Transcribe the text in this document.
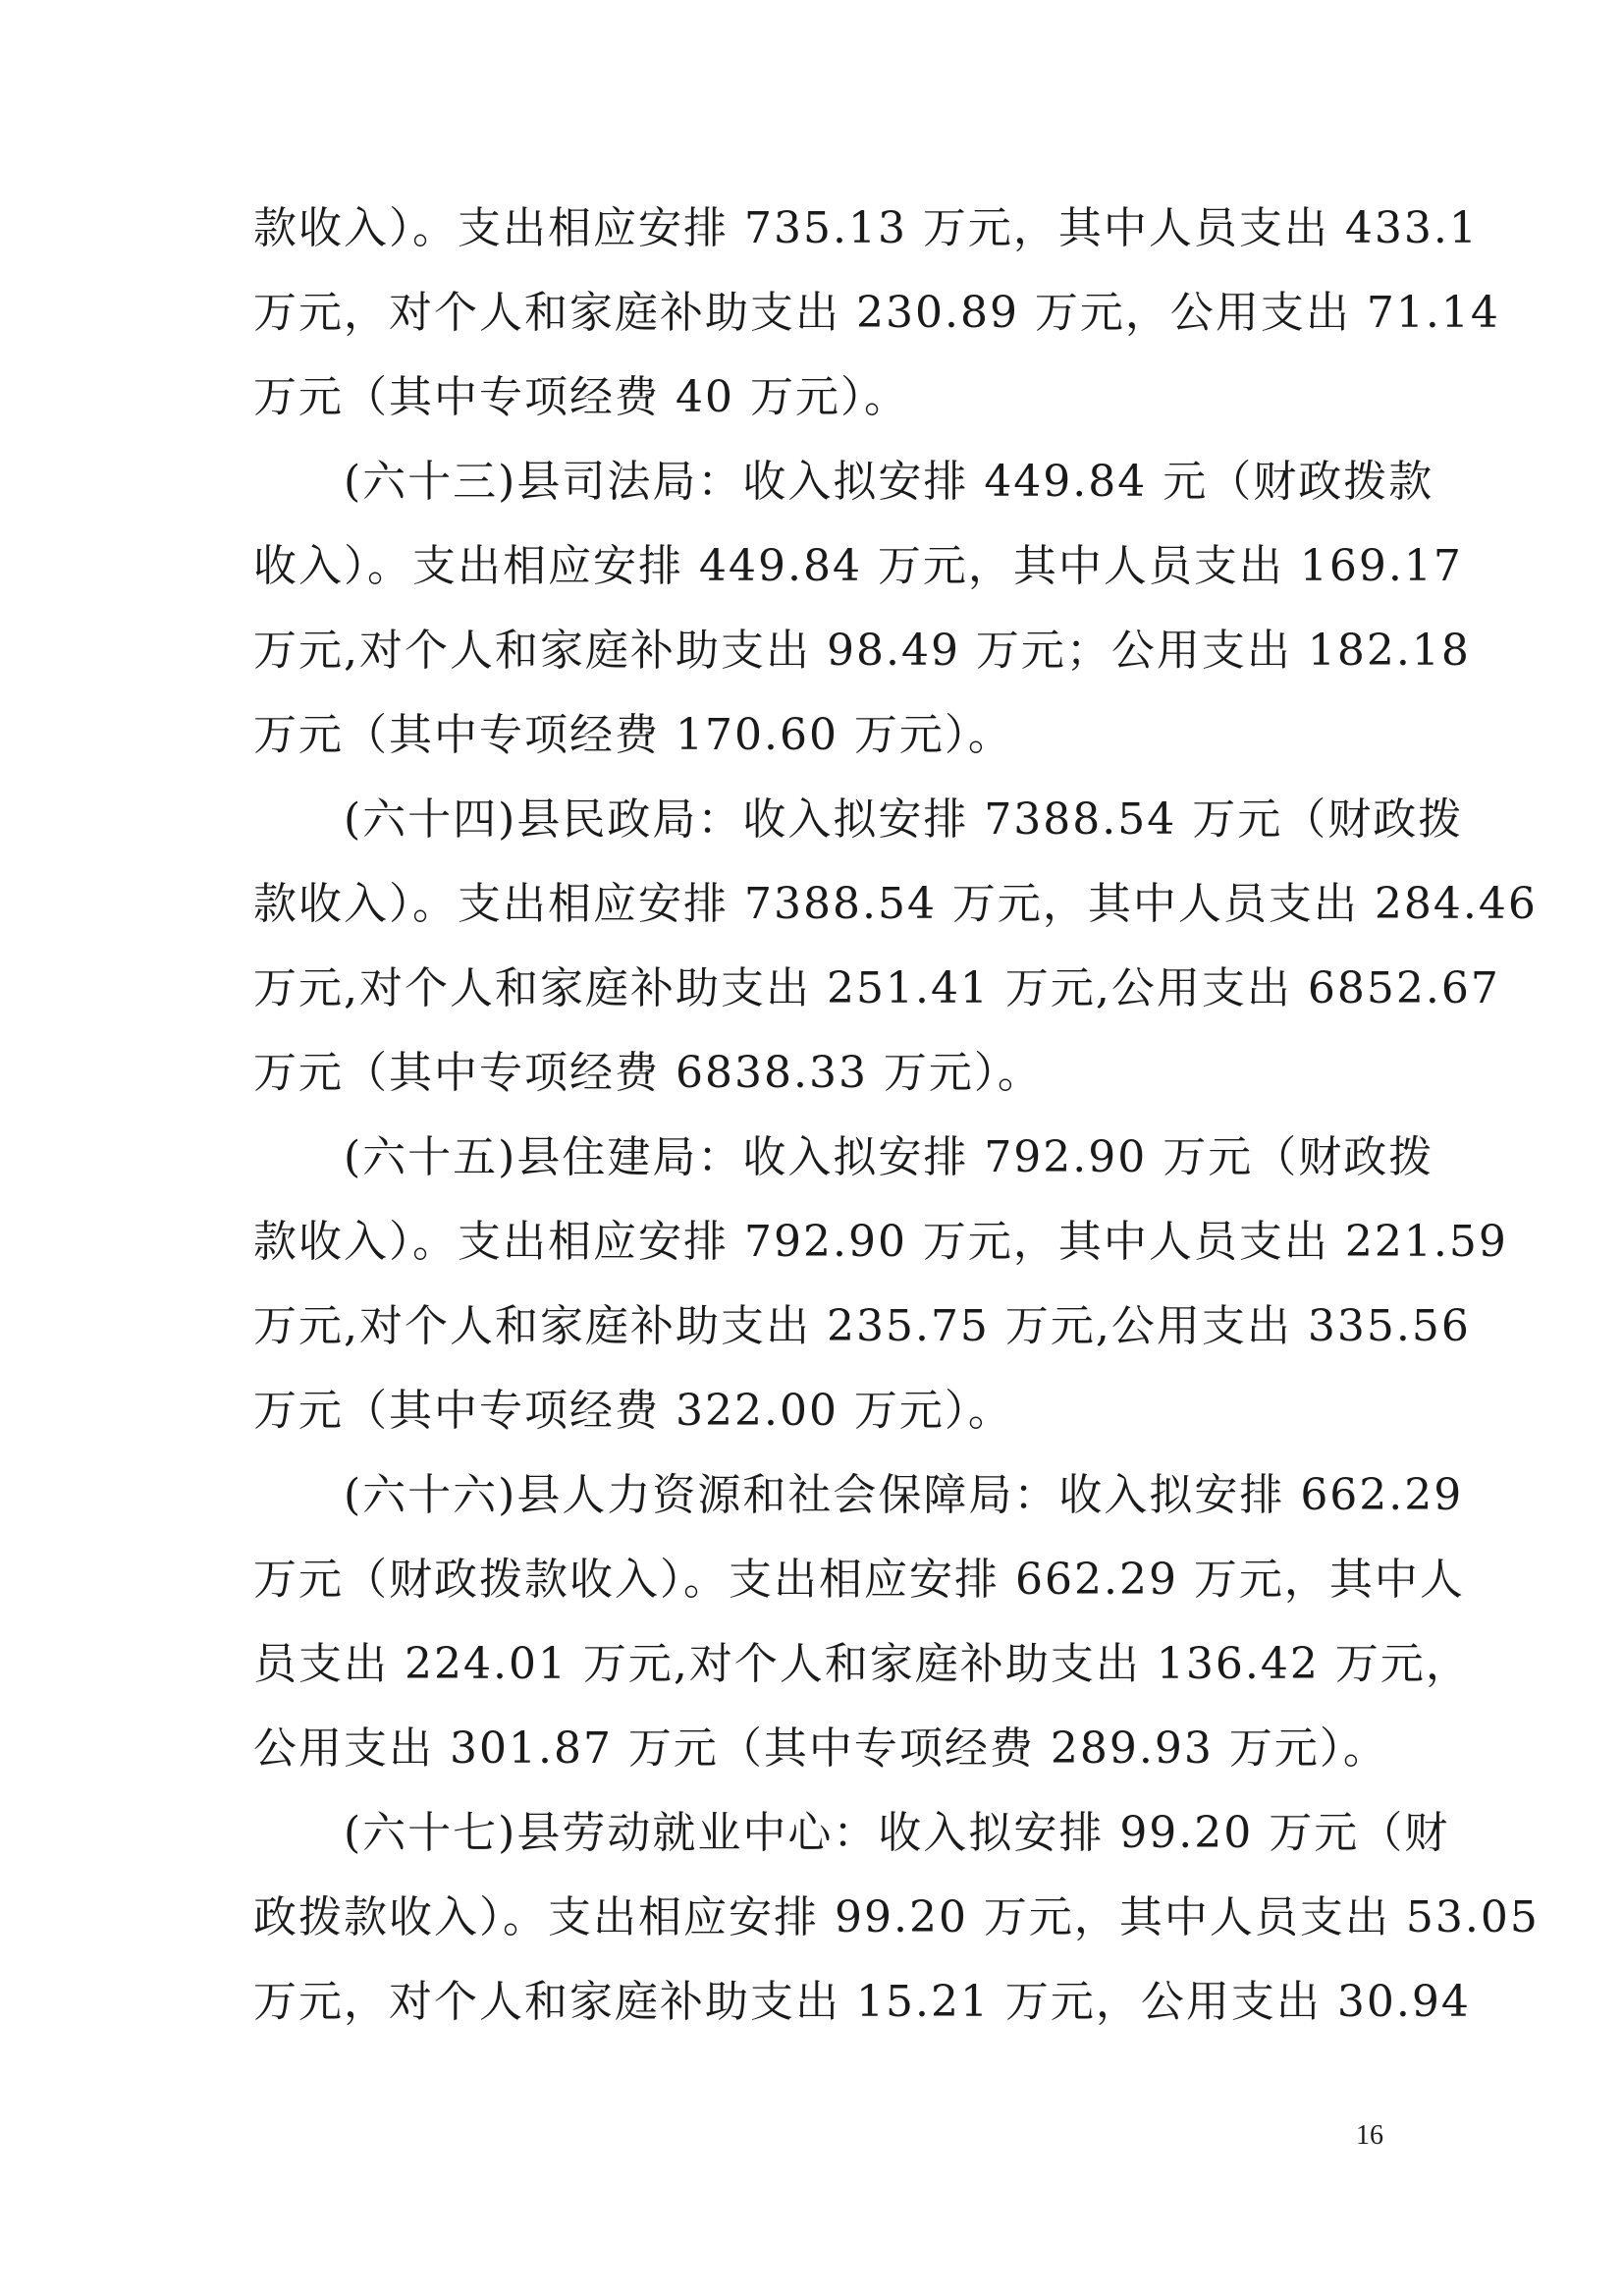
款收入）。支出相应安排 735.13 万元，其中人员支出 433.1
万元，对个人和家庭补助支出 230.89 万元，公用支出 71.14
万元（其中专项经费 40 万元）。
(六十三)县司法局：收入拟安排 449.84 元（财政拨款
收入）。支出相应安排 449.84 万元，其中人员支出 169.17
万元,对个人和家庭补助支出 98.49 万元；公用支出 182.18
万元（其中专项经费 170.60 万元）。
(六十四)县民政局：收入拟安排 7388.54 万元（财政拨
款收入）。支出相应安排 7388.54 万元，其中人员支出 284.46
万元,对个人和家庭补助支出 251.41 万元,公用支出 6852.67
万元（其中专项经费 6838.33 万元）。
(六十五)县住建局：收入拟安排 792.90 万元（财政拨
款收入）。支出相应安排 792.90 万元，其中人员支出 221.59
万元,对个人和家庭补助支出 235.75 万元,公用支出 335.56
万元（其中专项经费 322.00 万元）。
(六十六)县人力资源和社会保障局：收入拟安排 662.29
万元（财政拨款收入）。支出相应安排 662.29 万元，其中人
员支出 224.01 万元,对个人和家庭补助支出 136.42 万元，
公用支出 301.87 万元（其中专项经费 289.93 万元）。
(六十七)县劳动就业中心：收入拟安排 99.20 万元（财
政拨款收入）。支出相应安排 99.20 万元，其中人员支出 53.05
万元，对个人和家庭补助支出 15.21 万元，公用支出 30.94
16
